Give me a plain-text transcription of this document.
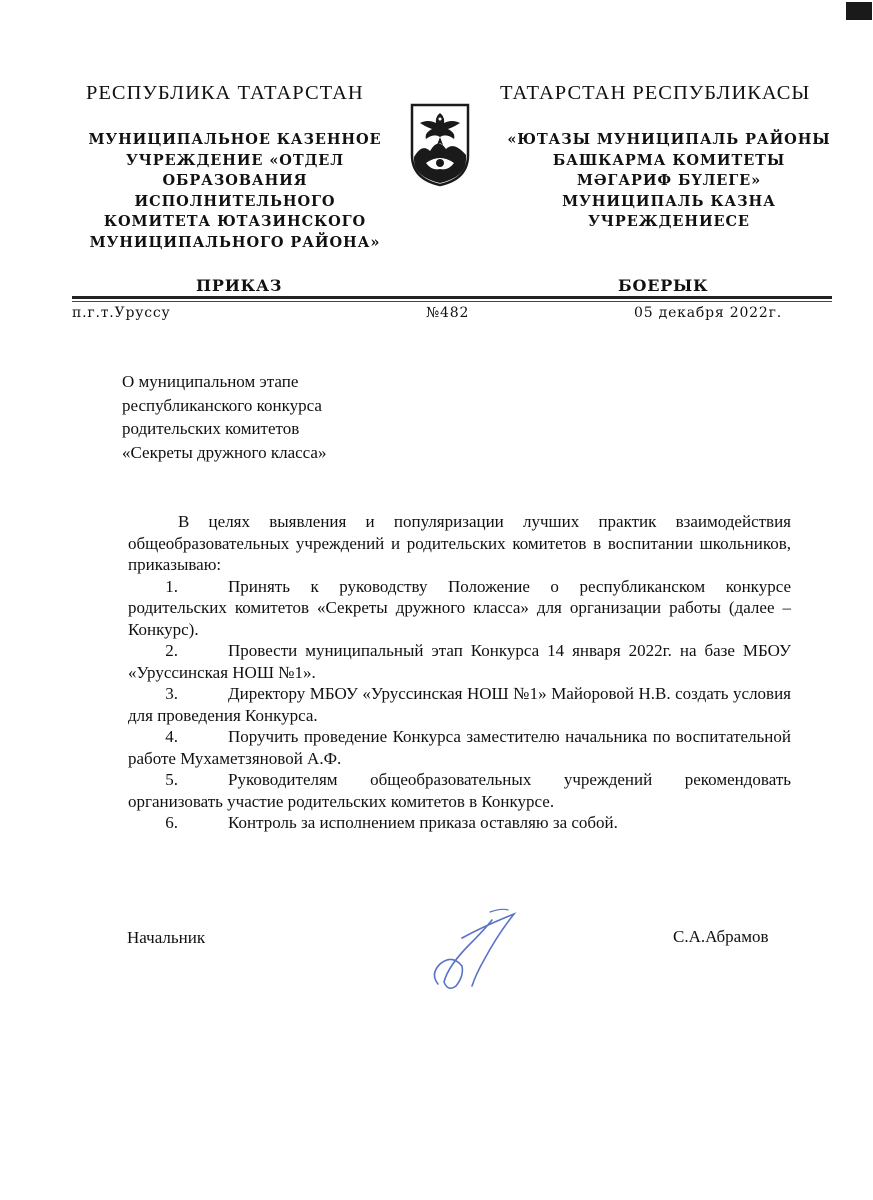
РЕСПУБЛИКА ТАТАРСТАН	ТАТАРСТАН РЕСПУБЛИКАСЫ
МУНИЦИПАЛЬНОЕ КАЗЕННОЕ
УЧРЕЖДЕНИЕ «ОТДЕЛ
ОБРАЗОВАНИЯ
ИСПОЛНИТЕЛЬНОГО
КОМИТЕТА ЮТАЗИНСКОГО
МУНИЦИПАЛЬНОГО РАЙОНА»
«ЮТАЗЫ МУНИЦИПАЛЬ РАЙОНЫ
БАШКАРМА КОМИТЕТЫ
МӘГАРИФ БҮЛЕГЕ»
МУНИЦИПАЛЬ КАЗНА
УЧРЕЖДЕНИЕСЕ
ПРИКАЗ	БОЕРЫК
п.г.т.Уруссу	№482	05 декабря 2022г.
О муниципальном этапе
республиканского конкурса
родительских комитетов
«Секреты дружного класса»

В целях выявления и популяризации лучших практик взаимодействия общеобразовательных учреждений и родительских комитетов в воспитании школьников, приказываю:

1.	Принять к руководству Положение о республиканском конкурсе родительских комитетов «Секреты дружного класса» для организации работы (далее – Конкурс).

2.	Провести муниципальный этап Конкурса 14 января 2022г. на базе МБОУ «Уруссинская НОШ №1».

3.	Директору МБОУ «Уруссинская НОШ №1» Майоровой Н.В. создать условия для проведения Конкурса.

4.	Поручить проведение Конкурса заместителю начальника по воспитательной работе Мухаметзяновой А.Ф.

5.	Руководителям общеобразовательных учреждений рекомендовать организовать участие родительских комитетов в Конкурсе.

6.	Контроль за исполнением приказа оставляю за собой.

Начальник	С.А.Абрамов
